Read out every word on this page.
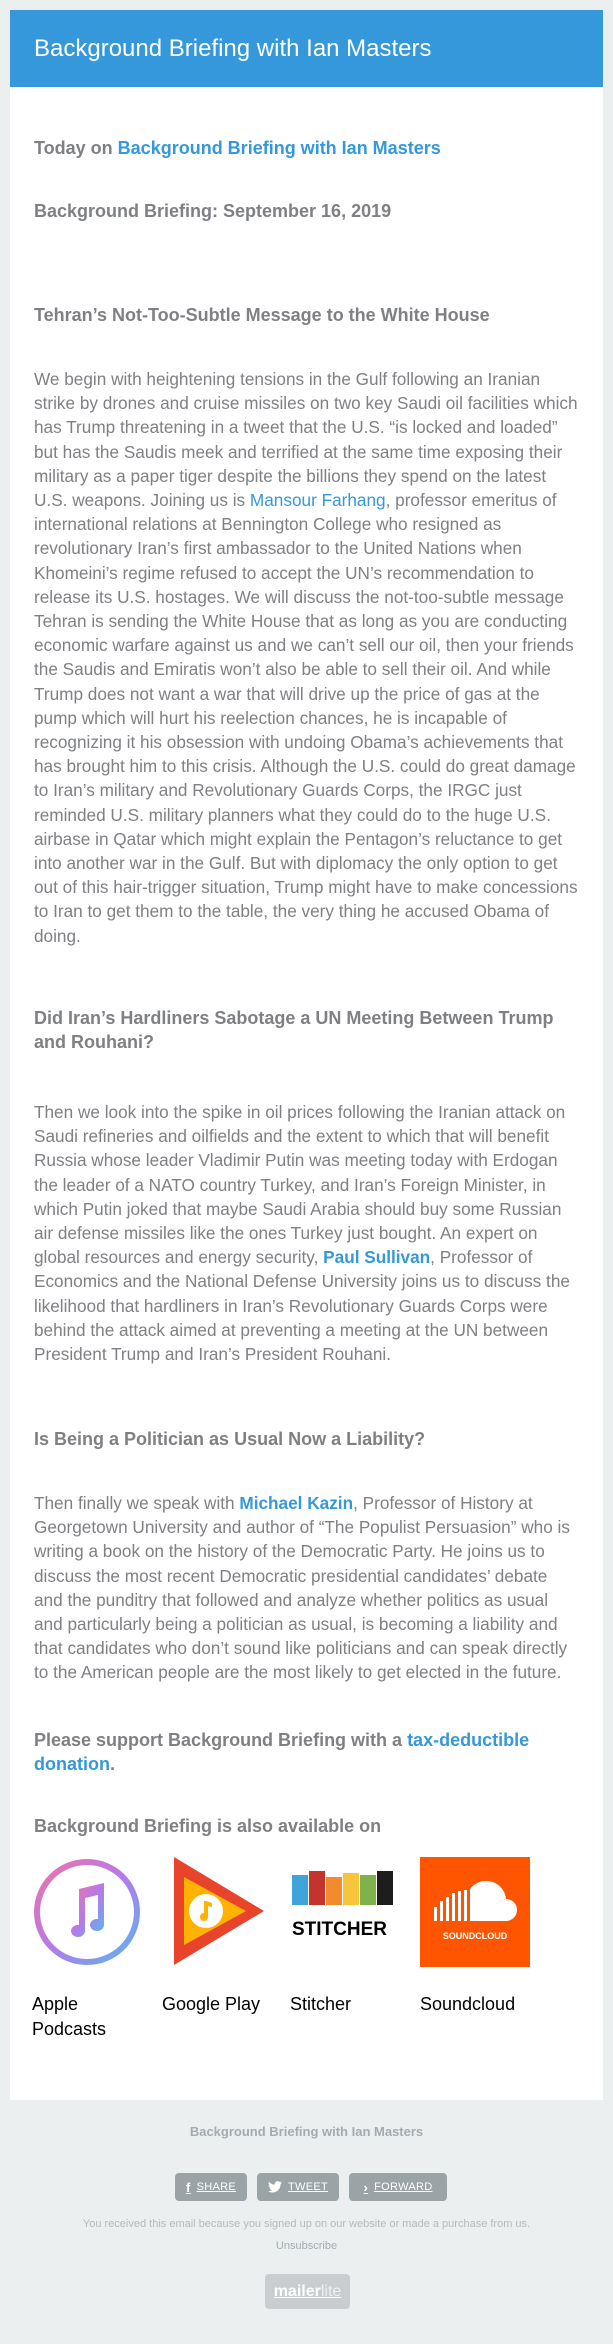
Background Briefing with Ian Masters
Today on Background Briefing with Ian Masters
Background Briefing: September 16, 2019
Tehran’s Not-Too-Subtle Message to the White House
We begin with heightening tensions in the Gulf following an Iranian strike by drones and cruise missiles on two key Saudi oil facilities which has Trump threatening in a tweet that the U.S. “is locked and loaded” but has the Saudis meek and terrified at the same time exposing their military as a paper tiger despite the billions they spend on the latest U.S. weapons. Joining us is Mansour Farhang, professor emeritus of international relations at Bennington College who resigned as revolutionary Iran’s first ambassador to the United Nations when Khomeini’s regime refused to accept the UN’s recommendation to release its U.S. hostages. We will discuss the not-too-subtle message Tehran is sending the White House that as long as you are conducting economic warfare against us and we can’t sell our oil, then your friends the Saudis and Emiratis won’t also be able to sell their oil. And while Trump does not want a war that will drive up the price of gas at the pump which will hurt his reelection chances, he is incapable of recognizing it his obsession with undoing Obama’s achievements that has brought him to this crisis. Although the U.S. could do great damage to Iran’s military and Revolutionary Guards Corps, the IRGC just reminded U.S. military planners what they could do to the huge U.S. airbase in Qatar which might explain the Pentagon’s reluctance to get into another war in the Gulf. But with diplomacy the only option to get out of this hair-trigger situation, Trump might have to make concessions to Iran to get them to the table, the very thing he accused Obama of doing.
Did Iran’s Hardliners Sabotage a UN Meeting Between Trump and Rouhani?
Then we look into the spike in oil prices following the Iranian attack on Saudi refineries and oilfields and the extent to which that will benefit Russia whose leader Vladimir Putin was meeting today with Erdogan the leader of a NATO country Turkey, and Iran’s Foreign Minister, in which Putin joked that maybe Saudi Arabia should buy some Russian air defense missiles like the ones Turkey just bought. An expert on global resources and energy security, Paul Sullivan, Professor of Economics and the National Defense University joins us to discuss the likelihood that hardliners in Iran’s Revolutionary Guards Corps were behind the attack aimed at preventing a meeting at the UN between President Trump and Iran’s President Rouhani.
Is Being a Politician as Usual Now a Liability?
Then finally we speak with Michael Kazin, Professor of History at Georgetown University and author of “The Populist Persuasion” who is writing a book on the history of the Democratic Party. He joins us to discuss the most recent Democratic presidential candidates’ debate and the punditry that followed and analyze whether politics as usual and particularly being a politician as usual, is becoming a liability and that candidates who don’t sound like politicians and can speak directly to the American people are the most likely to get elected in the future.
Please support Background Briefing with a tax-deductible donation.
Background Briefing is also available on
Apple Podcasts
Google Play
STITCHER
Stitcher
SOUNDCLOUD
Soundcloud
Background Briefing with Ian Masters
f SHARE	TWEET	› FORWARD
You received this email because you signed up on our website or made a purchase from us.
Unsubscribe
mailer lite
